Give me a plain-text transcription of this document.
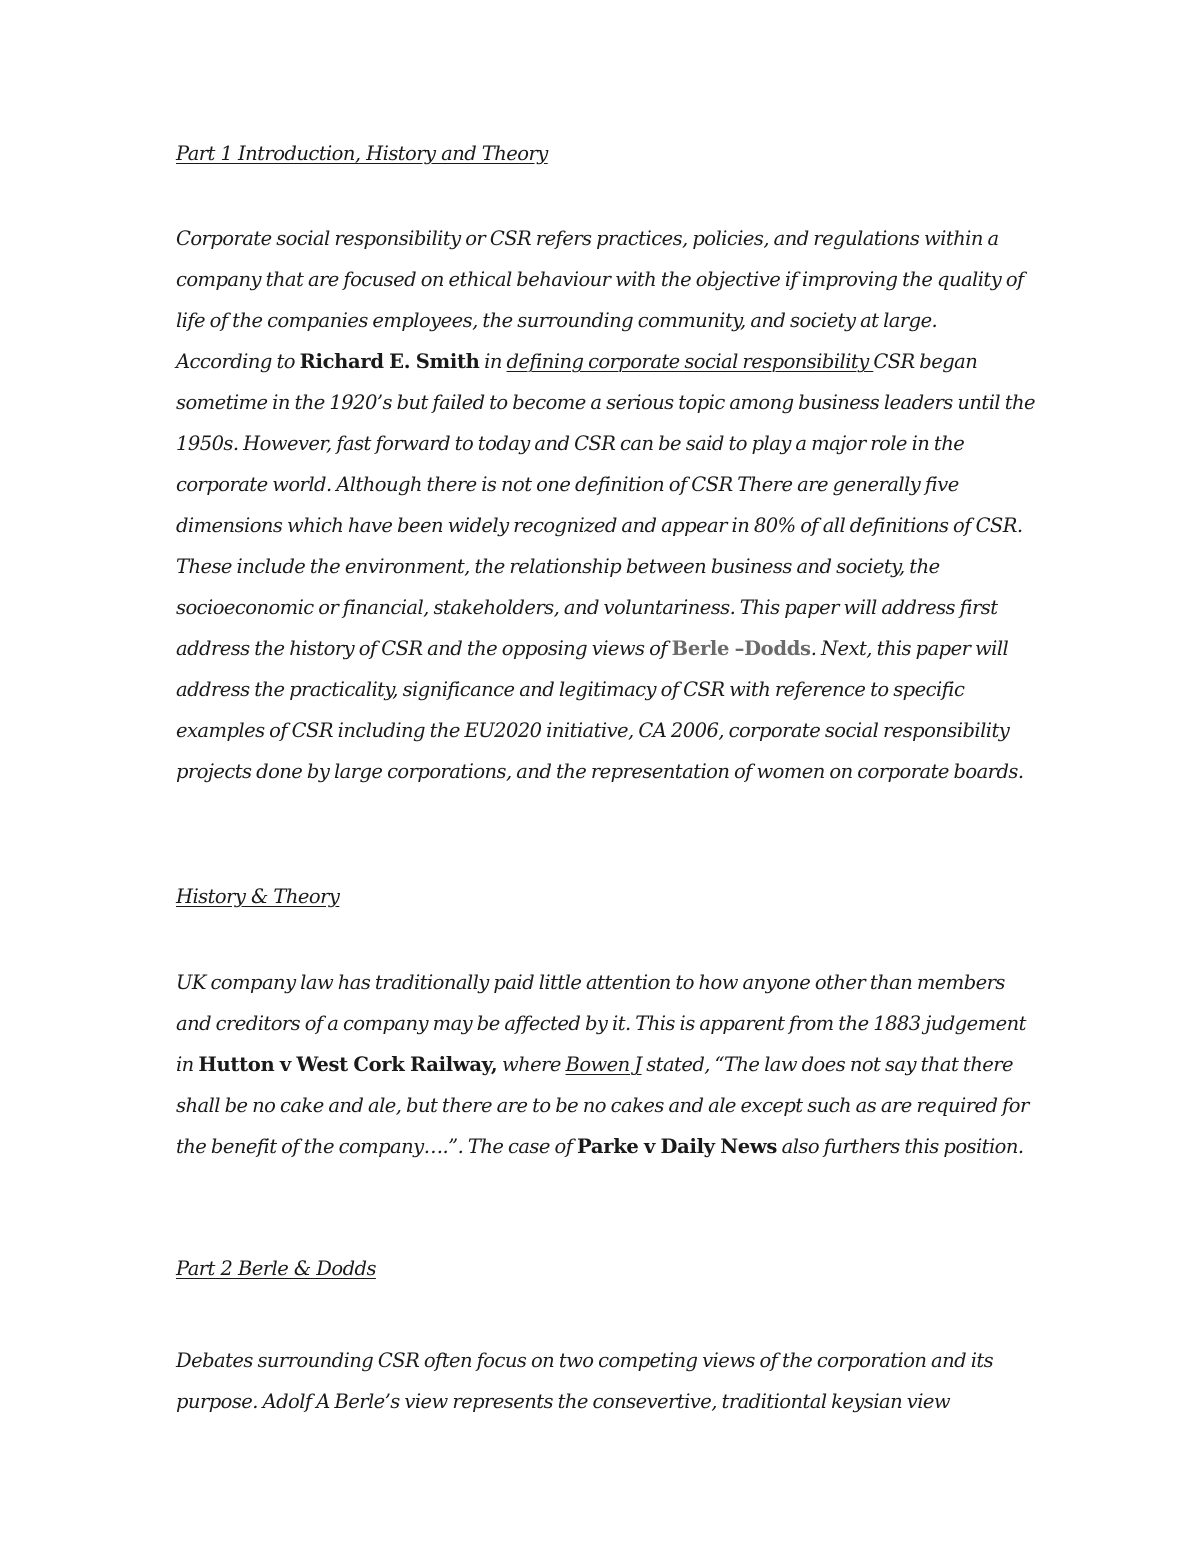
Part 1 Introduction, History and Theory
Corporate social responsibility or CSR refers practices, policies, and regulations within a company that are focused on ethical behaviour with the objective if improving the quality of life of the companies employees, the surrounding community, and society at large. According to Richard E. Smith in defining corporate social responsibility CSR began sometime in the 1920’s but failed to become a serious topic among business leaders until the 1950s. However, fast forward to today and CSR can be said to play a major role in the corporate world. Although there is not one definition of CSR There are generally five dimensions which have been widely recognized and appear in 80% of all definitions of CSR. These include the environment, the relationship between business and society, the socioeconomic or financial, stakeholders, and voluntariness. This paper will address first address the history of CSR and the opposing views of Berle –Dodds. Next, this paper will address the practicality, significance and legitimacy of CSR with reference to specific examples of CSR including the EU2020 initiative, CA 2006, corporate social responsibility projects done by large corporations, and the representation of women on corporate boards.
History & Theory
UK company law has traditionally paid little attention to how anyone other than members and creditors of a company may be affected by it. This is apparent from the 1883 judgement in Hutton v West Cork Railway, where Bowen J stated, “The law does not say that there shall be no cake and ale, but there are to be no cakes and ale except such as are required for the benefit of the company….”. The case of Parke v Daily News also furthers this position.
Part 2 Berle & Dodds
Debates surrounding CSR often focus on two competing views of the corporation and its purpose. Adolf A Berle’s view represents the consevertive, traditiontal keysian view
